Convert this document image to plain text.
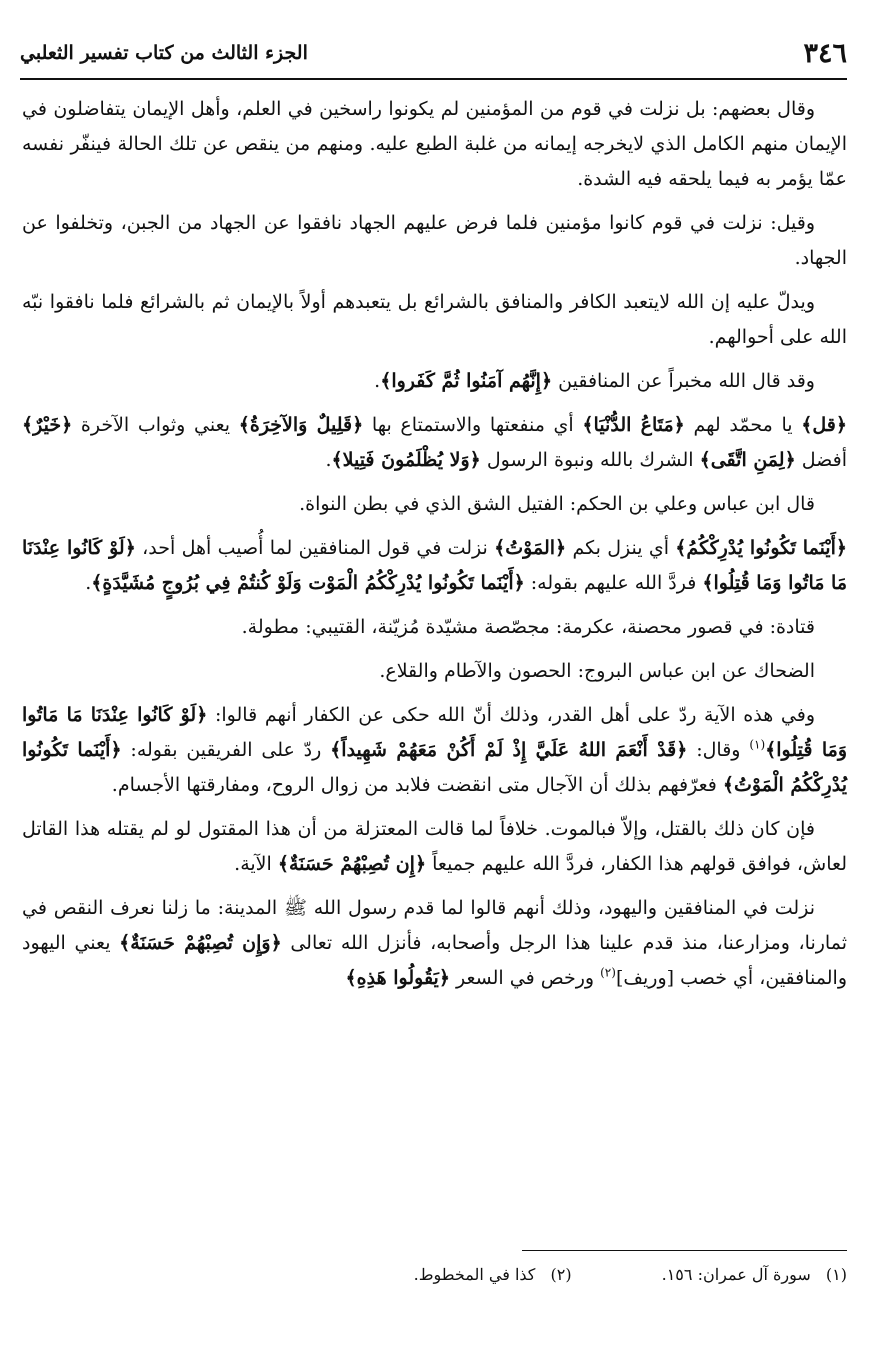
٣٤٦
الجزء الثالث من كتاب تفسير الثعلبي

وقال بعضهم: بل نزلت في قوم من المؤمنين لم يكونوا راسخين في العلم، وأهل الإيمان يتفاضلون في الإيمان منهم الكامل الذي لايخرجه إيمانه من غلبة الطبع عليه. ومنهم من ينقص عن تلك الحالة فينفّر نفسه عمّا يؤمر به فيما يلحقه فيه الشدة.

وقيل: نزلت في قوم كانوا مؤمنين فلما فرض عليهم الجهاد نافقوا عن الجهاد من الجبن، وتخلفوا عن الجهاد.

ويدلّ عليه إن الله لايتعبد الكافر والمنافق بالشرائع بل يتعبدهم أولاً بالإيمان ثم بالشرائع فلما نافقوا نبّه الله على أحوالهم.

وقد قال الله مخبراً عن المنافقين ﴿إِنَّهُم آمَنُوا ثُمَّ كَفَروا﴾.

﴿قل﴾ يا محمّد لهم ﴿مَتَاعُ الدُّنْيَا﴾ أي منفعتها والاستمتاع بها ﴿قَلِيلٌ وَالآخِرَةُ﴾ يعني وثواب الآخرة ﴿خَيْرٌ﴾ أفضل ﴿لِمَنِ اتَّقَى﴾ الشرك بالله ونبوة الرسول ﴿وَلا يُظْلَمُونَ فَتِيلا﴾.

قال ابن عباس وعلي بن الحكم: الفتيل الشق الذي في بطن النواة.

﴿أَيْنَما تَكُونُوا يُدْرِكْكُمُ﴾ أي ينزل بكم ﴿المَوْتُ﴾ نزلت في قول المنافقين لما أُصيب أهل أحد، ﴿لَوْ كَانُوا عِنْدَنَا مَا مَاتُوا وَمَا قُتِلُوا﴾ فردَّ الله عليهم بقوله: ﴿أَيْنَما تَكُونُوا يُدْرِكْكُمُ الْمَوْت وَلَوْ كُنتُمْ فِي بُرُوجٍ مُشَيَّدَةٍ﴾.

قتادة: في قصور محصنة، عكرمة: مجصّصة مشيّدة مُزيّنة، القتيبي: مطولة.

الضحاك عن ابن عباس البروج: الحصون والآطام والقلاع.

وفي هذه الآية ردّ على أهل القدر، وذلك أنّ الله حكى عن الكفار أنهم قالوا: ﴿لَوْ كَانُوا عِنْدَنَا مَا مَاتُوا وَمَا قُتِلُوا﴾$^{(١)}$ وقال: ﴿قَدْ أَنْعَمَ اللهُ عَلَيَّ إِذْ لَمْ أَكُنْ مَعَهُمْ شَهِيداً﴾ ردّ على الفريقين بقوله: ﴿أَيْنَما تَكُونُوا يُدْرِكْكُمُ الْمَوْتُ﴾ فعرّفهم بذلك أن الآجال متى انقضت فلابد من زوال الروح، ومفارقتها الأجسام.

فإن كان ذلك بالقتل، وإلاّ فبالموت. خلافاً لما قالت المعتزلة من أن هذا المقتول لو لم يقتله هذا القاتل لعاش، فوافق قولهم هذا الكفار، فردَّ الله عليهم جميعاً ﴿إِن تُصِبْهُمْ حَسَنَةٌ﴾ الآية.

نزلت في المنافقين واليهود، وذلك أنهم قالوا لما قدم رسول الله ﷺ المدينة: ما زلنا نعرف النقص في ثمارنا، ومزارعنا، منذ قدم علينا هذا الرجل وأصحابه، فأنزل الله تعالى ﴿وَإِن تُصِبْهُمْ حَسَنَةٌ﴾ يعني اليهود والمنافقين، أي خصب [وريف]$^{(٢)}$ ورخص في السعر ﴿يَقُولُوا هَذِهِ﴾

(١) سورة آل عمران: ١٥٦.
(٢) كذا في المخطوط.
